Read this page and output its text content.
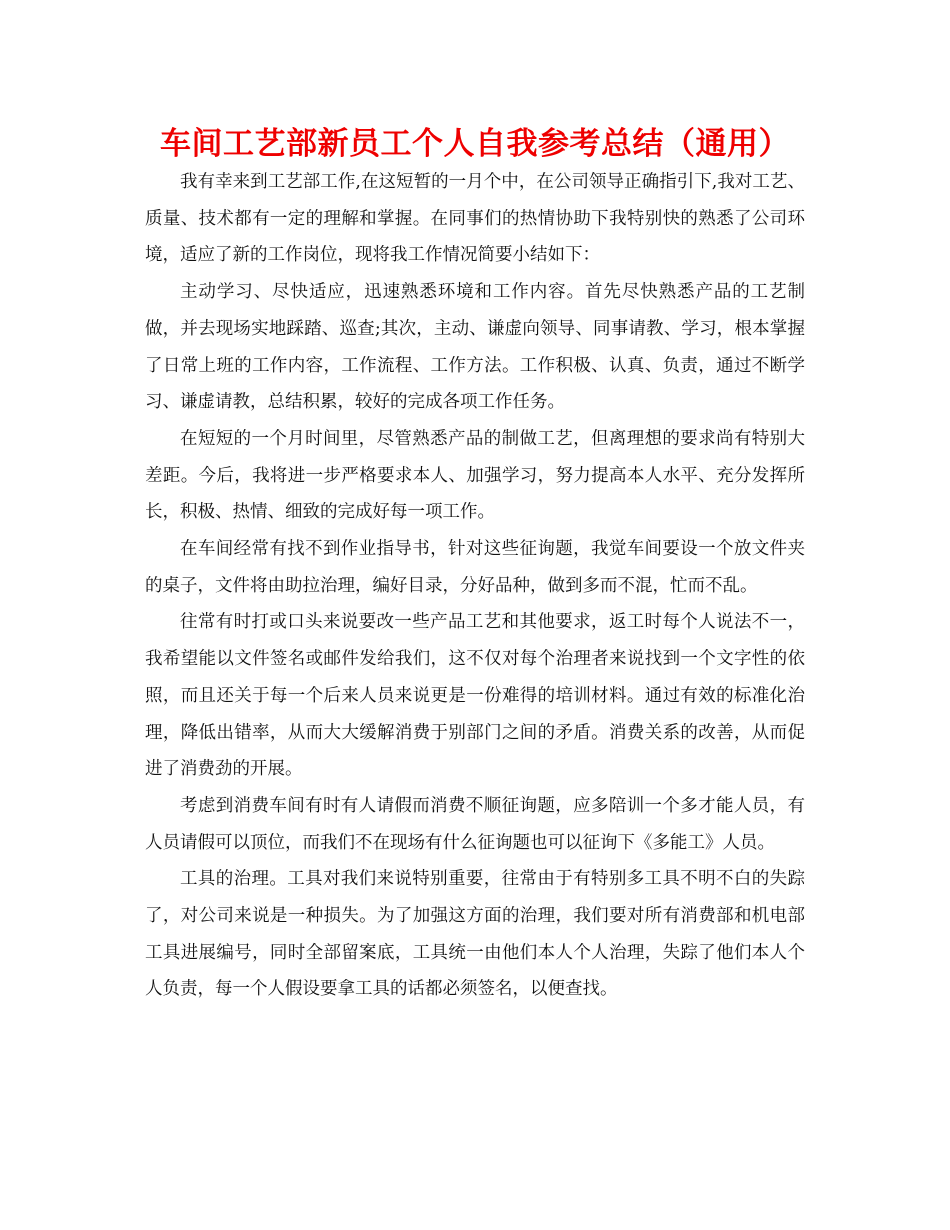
车间工艺部新员工个人自我参考总结（通用）

我有幸来到工艺部工作,在这短暂的一月个中，在公司领导正确指引下,我对工艺、质量、技术都有一定的理解和掌握。在同事们的热情协助下我特别快的熟悉了公司环境，适应了新的工作岗位，现将我工作情况简要小结如下：

主动学习、尽快适应，迅速熟悉环境和工作内容。首先尽快熟悉产品的工艺制做，并去现场实地踩踏、巡查;其次，主动、谦虚向领导、同事请教、学习，根本掌握了日常上班的工作内容，工作流程、工作方法。工作积极、认真、负责，通过不断学习、谦虚请教，总结积累，较好的完成各项工作任务。

在短短的一个月时间里，尽管熟悉产品的制做工艺，但离理想的要求尚有特别大差距。今后，我将进一步严格要求本人、加强学习，努力提高本人水平、充分发挥所长，积极、热情、细致的完成好每一项工作。

在车间经常有找不到作业指导书，针对这些征询题，我觉车间要设一个放文件夹的桌子，文件将由助拉治理，编好目录，分好品种，做到多而不混，忙而不乱。

往常有时打或口头来说要改一些产品工艺和其他要求，返工时每个人说法不一，我希望能以文件签名或邮件发给我们，这不仅对每个治理者来说找到一个文字性的依照，而且还关于每一个后来人员来说更是一份难得的培训材料。通过有效的标准化治理，降低出错率，从而大大缓解消费于别部门之间的矛盾。消费关系的改善，从而促进了消费劲的开展。

考虑到消费车间有时有人请假而消费不顺征询题，应多陪训一个多才能人员，有人员请假可以顶位，而我们不在现场有什么征询题也可以征询下《多能工》人员。

工具的治理。工具对我们来说特别重要，往常由于有特别多工具不明不白的失踪了，对公司来说是一种损失。为了加强这方面的治理，我们要对所有消费部和机电部工具进展编号，同时全部留案底，工具统一由他们本人个人治理，失踪了他们本人个人负责，每一个人假设要拿工具的话都必须签名，以便查找。
